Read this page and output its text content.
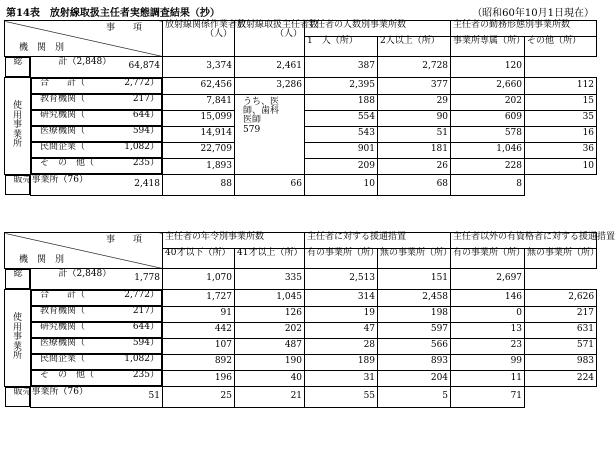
第14表　放射線取扱主任者実態調査結果（抄）	（昭和60年10月1日現在）
事　　項
機　関　別		放射線関係作業者数
（人）	放射線取扱主任者数
（人）	主任者の人数別事業所数		主任者の勤務形態別事業所数	
				1　人（所）	2人以上（所）	事業所専属（所）	その他（所）

総　　　　計（ 2,848） 64,874	3,374	2,461	387	2,728	120	

使用事業所

合　　計（	2,772）	62,456	3,286	2,395	377	2,660	112

教育機関（	217）	7,841	うち、医師、歯科医師　579	188	29	202	15

研究機関（	644）	15,099		554	90	609	35

医療機関（	594）	14,914		543	51	578	16

民間企業（	1,082）	22,709		901	181	1,046	36

そ　の　他（	235）	1,893		209	26	228	10

販売事業所（ 76）	2,418	88	66	10	68	8	
事　　項
機　関　別		主任者の年令別事業所数		主任者に対する援通措置		主任者以外の有資格者に対する援通措置	
		40才以下（所）	41才以上（所）	有の事業所（所）	無の事業所（所）	有の事業所（所）	無の事業所（所）

総　　　　計（ 2,848）	1,778	1,070	335	2,513	151	2,697	

使用事業所

合　　計（	2,772）	1,727	1,045	314	2,458	146	2,626

教育機関（	217）	91	126	19	198	0	217

研究機関（	644）	442	202	47	597	13	631

医療機関（	594）	107	487	28	566	23	571

民間企業（	1,082）	892	190	189	893	99	983

そ　の　他（	235）	196	40	31	204	11	224

販売事業所（ 76）	51	25	21	55	5	71	
